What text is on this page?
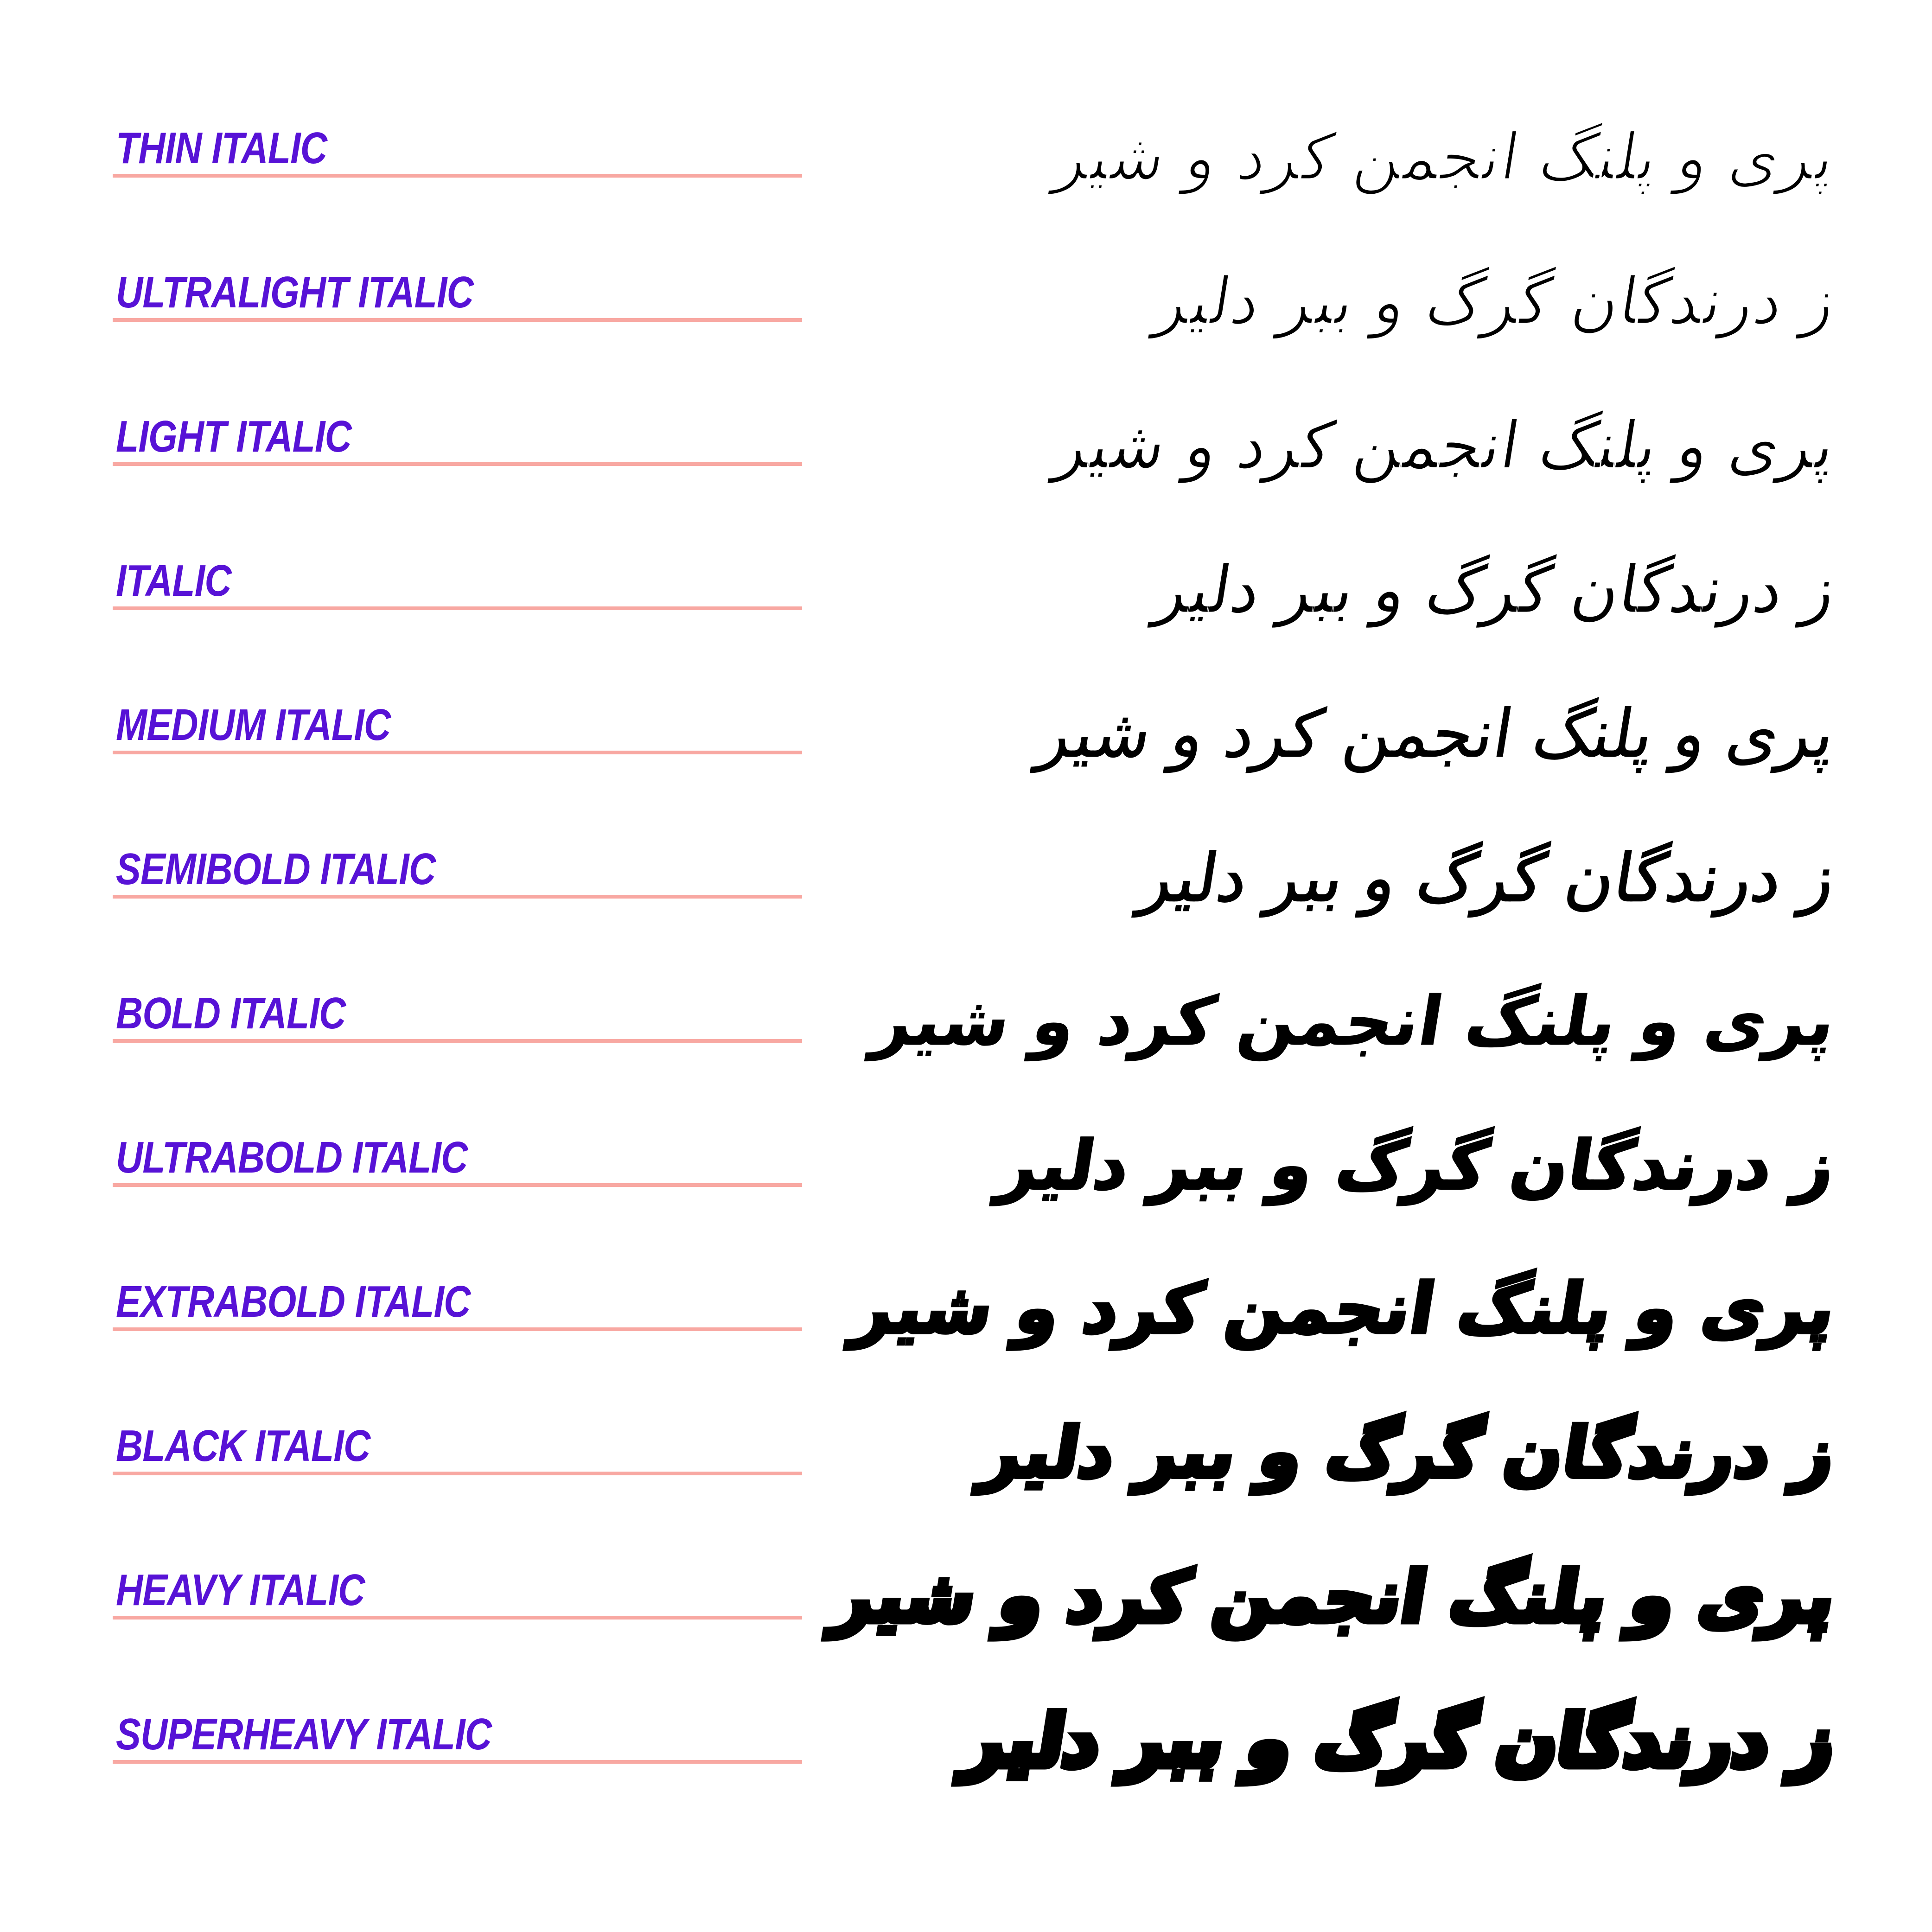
THIN ITALIC	پری و پلنگ انجمن کرد و شیر
ULTRALIGHT ITALIC	ز درندگان گرگ و ببر دلیر
LIGHT ITALIC	پری و پلنگ انجمن کرد و شیر
ITALIC	ز درندگان گرگ و ببر دلیر
MEDIUM ITALIC	پری و پلنگ انجمن کرد و شیر
SEMIBOLD ITALIC	ز درندگان گرگ و ببر دلیر
BOLD ITALIC	پری و پلنگ انجمن کرد و شیر
ULTRABOLD ITALIC	ز درندگان گرگ و ببر دلیر
EXTRABOLD ITALIC	پری و پلنگ انجمن کرد و شیر
BLACK ITALIC	ز درندگان گرگ و ببر دلیر
HEAVY ITALIC	پری و پلنگ انجمن کرد و شیر
SUPERHEAVY ITALIC	ز درندگان گرگ و ببر دلیر
